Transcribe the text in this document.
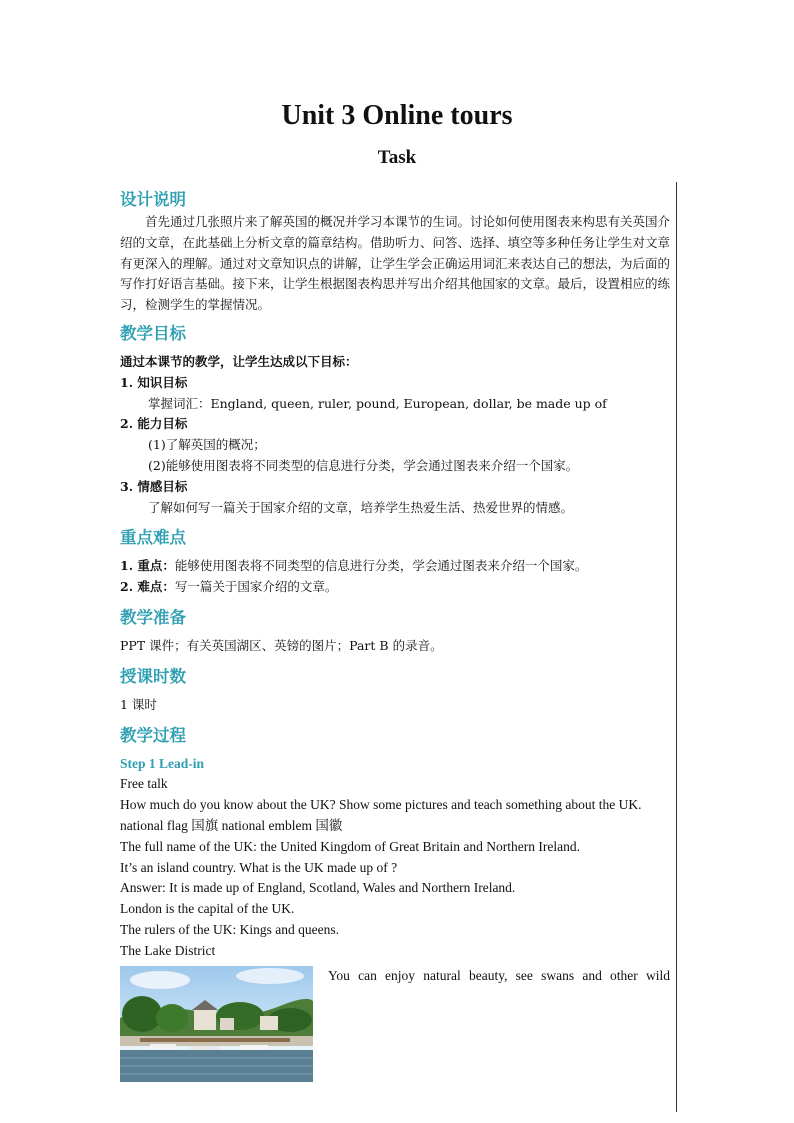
Unit 3 Online tours
Task
设计说明

首先通过几张照片来了解英国的概况并学习本课节的生词。讨论如何使用图表来构思有关英国介绍的文章，在此基础上分析文章的篇章结构。借助听力、问答、选择、填空等多种任务让学生对文章有更深入的理解。通过对文章知识点的讲解，让学生学会正确运用词汇来表达自己的想法，为后面的写作打好语言基础。接下来，让学生根据图表构思并写出介绍其他国家的文章。最后，设置相应的练习，检测学生的掌握情况。

教学目标

通过本课节的教学，让学生达成以下目标：

1. 知识目标

掌握词汇：England, queen, ruler, pound, European, dollar, be made up of

2. 能力目标

(1)了解英国的概况；

(2)能够使用图表将不同类型的信息进行分类，学会通过图表来介绍一个国家。

3. 情感目标

了解如何写一篇关于国家介绍的文章，培养学生热爱生活、热爱世界的情感。

重点难点

1. 重点：能够使用图表将不同类型的信息进行分类，学会通过图表来介绍一个国家。

2. 难点：写一篇关于国家介绍的文章。

教学准备

PPT 课件；有关英国湖区、英镑的图片；Part B 的录音。

授课时数

1 课时

教学过程

Step 1 Lead-in

Free talk

How much do you know about the UK? Show some pictures and teach something about the UK.

national flag 国旗 national emblem 国徽

The full name of the UK: the United Kingdom of Great Britain and Northern Ireland.

It’s an island country. What is the UK made up of ?

Answer: It is made up of England, Scotland, Wales and Northern Ireland.

London is the capital of the UK.

The rulers of the UK: Kings and queens.

The Lake District

You can enjoy natural beauty, see swans and other wild
